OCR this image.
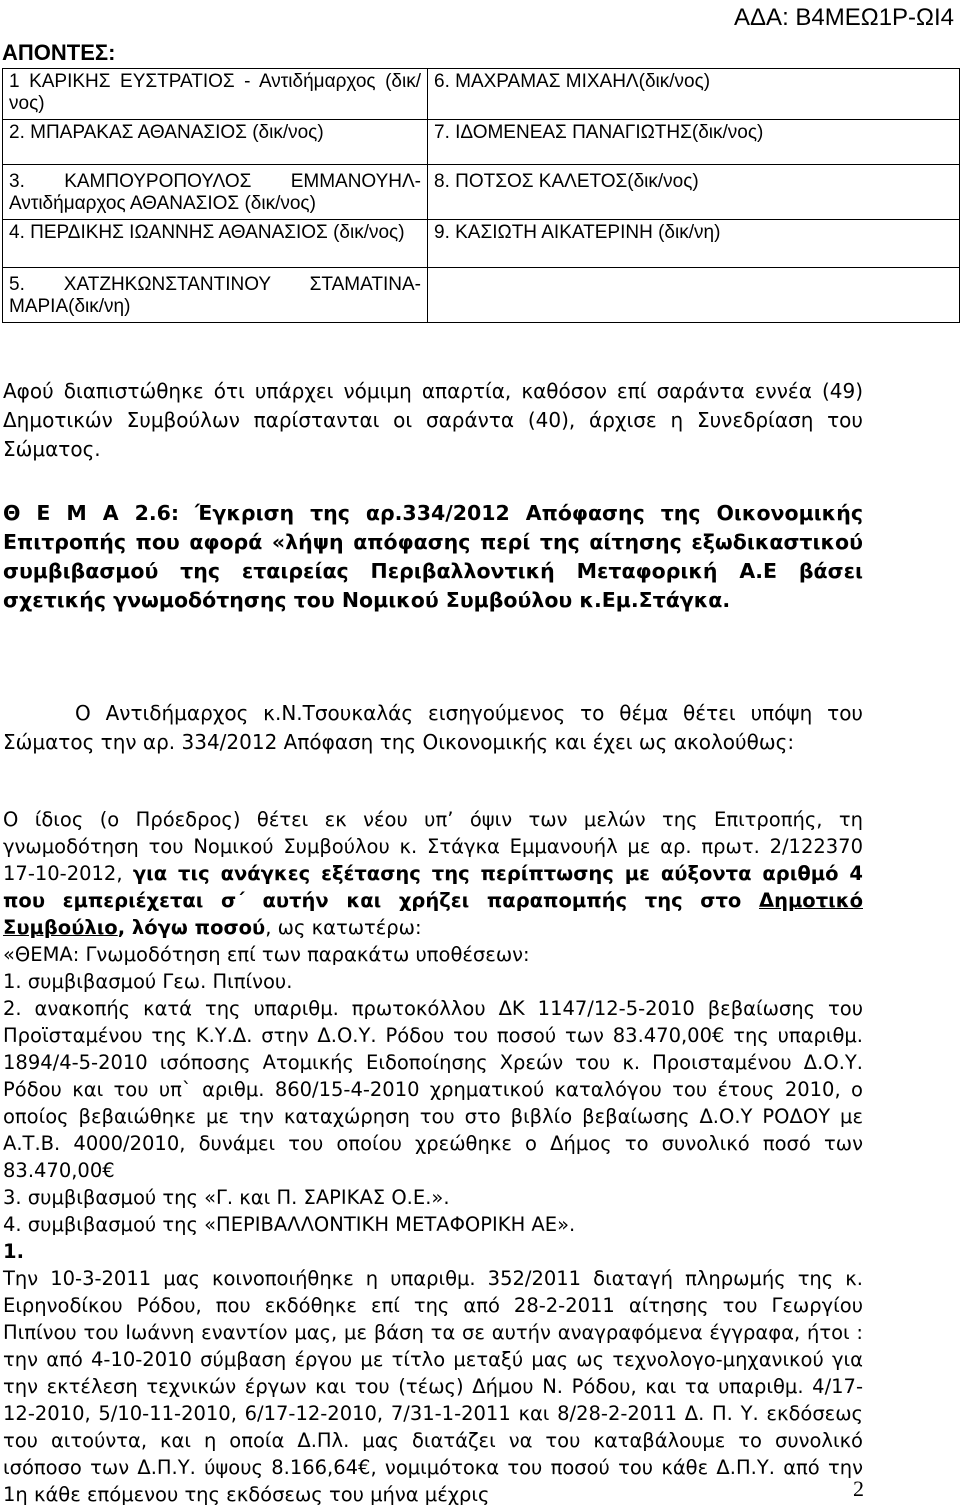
ΑΔΑ: Β4ΜΕΩ1Ρ-ΩΙ4
ΑΠΟΝΤΕΣ:
1 ΚΑΡΙΚΗΣ ΕΥΣΤΡΑΤΙΟΣ - Αντιδήμαρχος (δικ/νος)	6. ΜΑΧΡΑΜΑΣ ΜΙΧΑΗΛ(δικ/νος)
2. ΜΠΑΡΑΚΑΣ ΑΘΑΝΑΣΙΟΣ (δικ/νος)	7. ΙΔΟΜΕΝΕΑΣ ΠΑΝΑΓΙΩΤΗΣ(δικ/νος)
3. ΚΑΜΠΟΥΡΟΠΟΥΛΟΣ ΕΜΜΑΝΟΥΗΛ- Αντιδήμαρχος ΑΘΑΝΑΣΙΟΣ (δικ/νος)	8. ΠΟΤΣΟΣ ΚΑΛΕΤΟΣ(δικ/νος)
4. ΠΕΡΔΙΚΗΣ ΙΩΑΝΝΗΣ ΑΘΑΝΑΣΙΟΣ (δικ/νος)	9. ΚΑΣΙΩΤΗ ΑΙΚΑΤΕΡΙΝΗ (δικ/νη)
5. ΧΑΤΖΗΚΩΝΣΤΑΝΤΙΝΟΥ ΣΤΑΜΑΤΙΝΑ-ΜΑΡΙΑ(δικ/νη)	
Αφού διαπιστώθηκε ότι υπάρχει νόμιμη απαρτία, καθόσον επί σαράντα εννέα (49) Δημοτικών Συμβούλων παρίστανται οι σαράντα (40), άρχισε η Συνεδρίαση του Σώματος.
Θ Ε Μ Α 2.6: Έγκριση της αρ.334/2012 Απόφασης της Οικονομικής Επιτροπής που αφορά «λήψη απόφασης περί της αίτησης εξωδικαστικού συμβιβασμού της εταιρείας Περιβαλλοντική Μεταφορική Α.Ε βάσει σχετικής γνωμοδότησης του Νομικού Συμβούλου κ.Εμ.Στάγκα.
Ο Αντιδήμαρχος κ.Ν.Τσουκαλάς εισηγούμενος το θέμα θέτει υπόψη του Σώματος την αρ. 334/2012 Απόφαση της Οικονομικής και έχει ως ακολούθως:

Ο ίδιος (ο Πρόεδρος) θέτει εκ νέου υπ’ όψιν των μελών της Επιτροπής, τη γνωμοδότηση του Νομικού Συμβούλου κ. Στάγκα Εμμανουήλ με αρ. πρωτ. 2/122370 17-10-2012, για τις ανάγκες εξέτασης της περίπτωσης με αύξοντα αριθμό 4 που εμπεριέχεται σ΄ αυτήν και χρήζει παραπομπής της στο Δημοτικό Συμβούλιο, λόγω ποσού, ως κατωτέρω:

«ΘΕΜΑ: Γνωμοδότηση επί των παρακάτω υποθέσεων:

1. συμβιβασμού Γεω. Πιπίνου.

2. ανακοπής κατά της υπαριθμ. πρωτοκόλλου ΔΚ 1147/12-5-2010 βεβαίωσης του Προϊσταμένου της Κ.Υ.Δ. στην Δ.Ο.Υ. Ρόδου του ποσού των 83.470,00€ της υπαριθμ. 1894/4-5-2010 ισόποσης Ατομικής Ειδοποίησης Χρεών του κ. Προισταμένου Δ.Ο.Υ. Ρόδου και του υπ` αριθμ. 860/15-4-2010 χρηματικού καταλόγου του έτους 2010, ο οποίος βεβαιώθηκε με την καταχώρηση του στο βιβλίο βεβαίωσης Δ.Ο.Υ ΡΟΔΟΥ με Α.Τ.Β. 4000/2010, δυνάμει του οποίου χρεώθηκε ο Δήμος το συνολικό ποσό των 83.470,00€

3. συμβιβασμού της «Γ. και Π. ΣΑΡΙΚΑΣ Ο.Ε.».

4. συμβιβασμού της «ΠΕΡΙΒΑΛΛΟΝΤΙΚΗ ΜΕΤΑΦΟΡΙΚΗ ΑΕ».

1.

Την 10-3-2011 μας κοινοποιήθηκε η υπαριθμ. 352/2011 διαταγή πληρωμής της κ. Ειρηνοδίκου Ρόδου, που εκδόθηκε επί της από 28-2-2011 αίτησης του Γεωργίου Πιπίνου του Ιωάννη εναντίον μας, με βάση τα σε αυτήν αναγραφόμενα έγγραφα, ήτοι : την από 4-10-2010 σύμβαση έργου με τίτλο μεταξύ μας ως τεχνολογο-μηχανικού για την εκτέλεση τεχνικών έργων και του (τέως) Δήμου Ν. Ρόδου, και τα υπαριθμ. 4/17-12-2010, 5/10-11-2010, 6/17-12-2010, 7/31-1-2011 και 8/28-2-2011 Δ. Π. Υ. εκδόσεως του αιτούντα, και η οποία Δ.Πλ. μας διατάζει να του καταβάλουμε το συνολικό ισόποσο των Δ.Π.Υ. ύψους 8.166,64€, νομιμότοκα του ποσού του κάθε Δ.Π.Υ. από την 1η κάθε επόμενου της εκδόσεως του μήνα μέχρις	2
